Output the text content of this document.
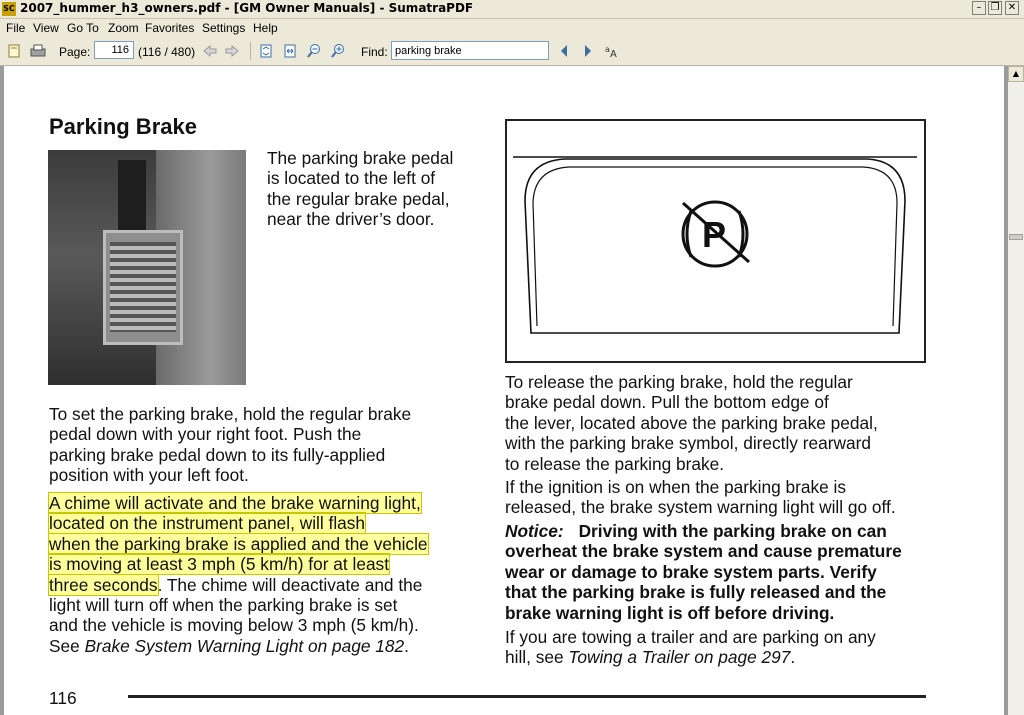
SC 2007_hummer_h3_owners.pdf - [GM Owner Manuals] - SumatraPDF	– ❐ ✕
File View Go To Zoom Favorites Settings Help
Page:	(116 / 480)	Find:	a A
116
parking brake
▲
Parking Brake
The parking brake pedal
is located to the left of
the regular brake pedal,
near the driver’s door.
To set the parking brake, hold the regular brake
pedal down with your right foot. Push the
parking brake pedal down to its fully-applied
position with your left foot.
A chime will activate and the brake warning light,
located on the instrument panel, will flash
when the parking brake is applied and the vehicle
is moving at least 3 mph (5 km/h) for at least
three seconds. The chime will deactivate and the
light will turn off when the parking brake is set
and the vehicle is moving below 3 mph (5 km/h).
See Brake System Warning Light on page 182.
P
To release the parking brake, hold the regular
brake pedal down. Pull the bottom edge of
the lever, located above the parking brake pedal,
with the parking brake symbol, directly rearward
to release the parking brake.
If the ignition is on when the parking brake is
released, the brake system warning light will go off.
Notice: Driving with the parking brake on can
overheat the brake system and cause premature
wear or damage to brake system parts. Verify
that the parking brake is fully released and the
brake warning light is off before driving.
If you are towing a trailer and are parking on any
hill, see Towing a Trailer on page 297.
116
